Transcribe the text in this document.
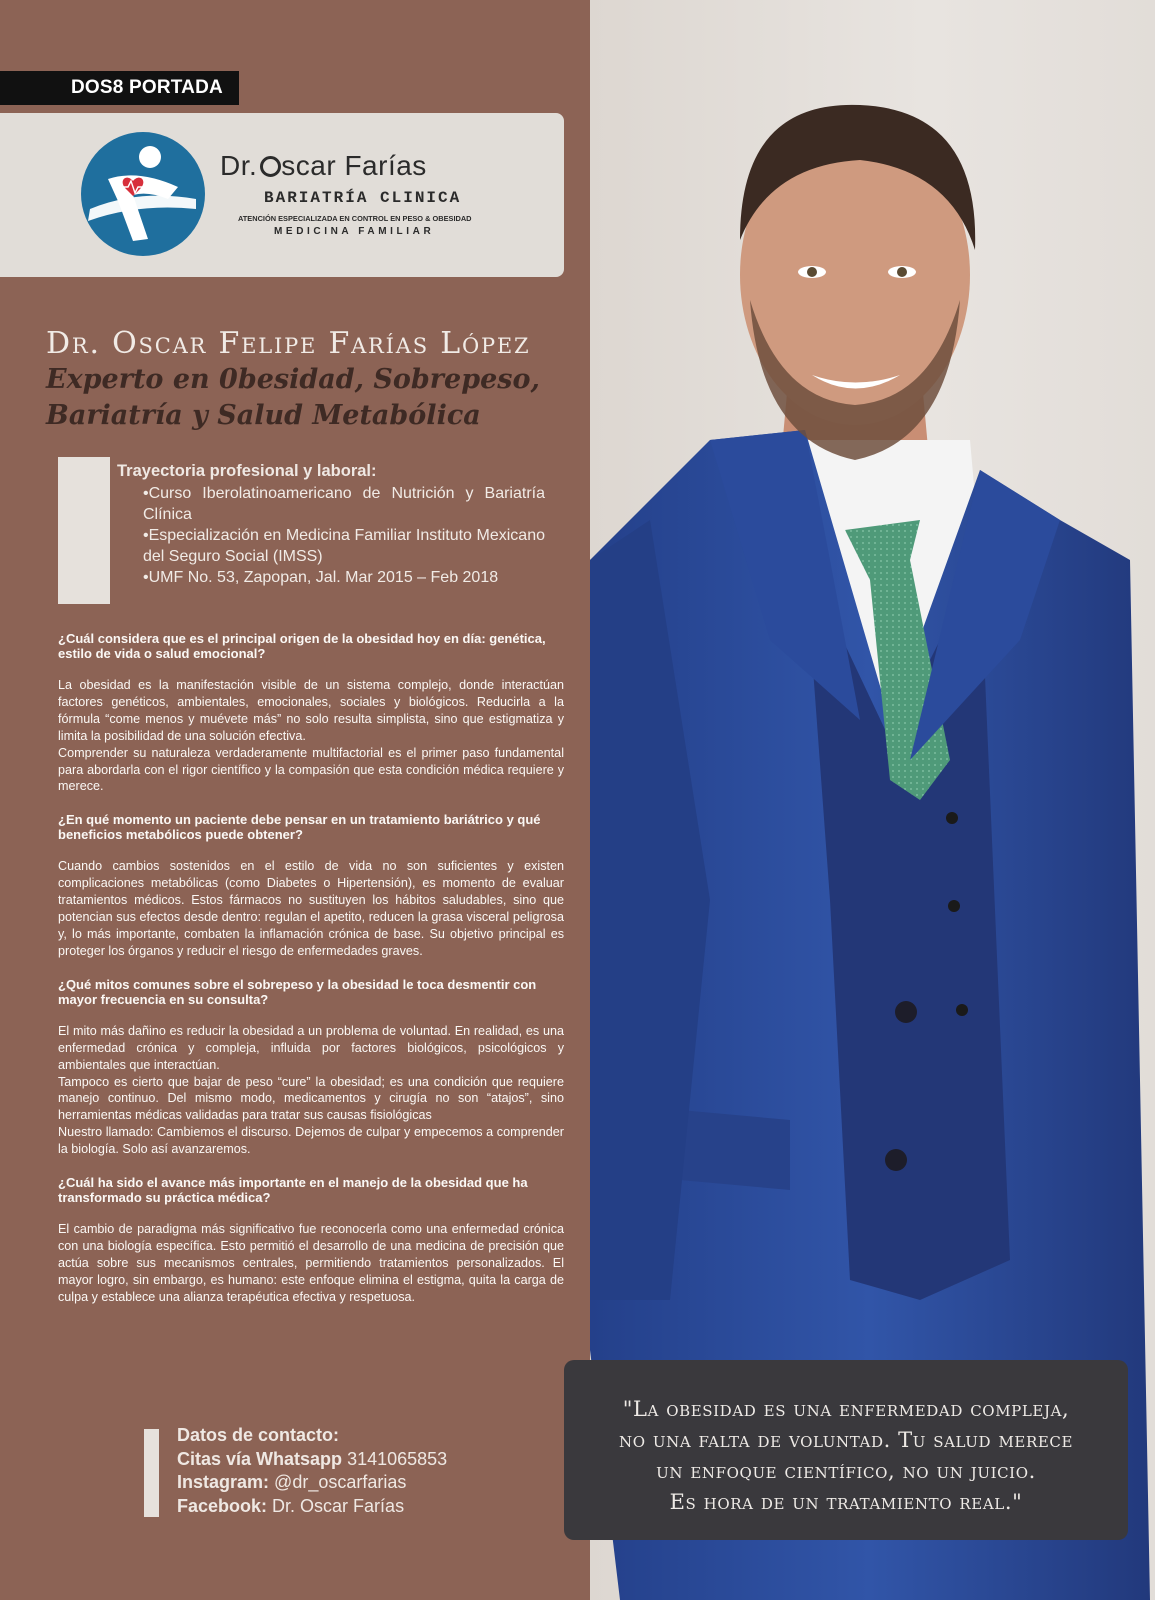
DOS8 PORTADA
Dr. scar Farías
BARIATRÍA CLINICA
ATENCIÓN ESPECIALIZADA EN CONTROL EN PESO & OBESIDAD
MEDICINA FAMILIAR
Dr. Oscar Felipe Farías López
Experto en 0besidad, Sobrepeso,
Bariatría y Salud Metabólica
Trayectoria profesional y laboral:
•Curso Iberolatinoamericano de Nutrición y Bariatría Clínica
•Especialización en Medicina Familiar Instituto Mexicano del Seguro Social (IMSS)
•UMF No. 53, Zapopan, Jal. Mar 2015 – Feb 2018
¿Cuál considera que es el principal origen de la obesidad hoy en día: genética, estilo de vida o salud emocional?
La obesidad es la manifestación visible de un sistema complejo, donde interactúan factores genéticos, ambientales, emocionales, sociales y biológicos. Reducirla a la fórmula “come menos y muévete más” no solo resulta simplista, sino que estigmatiza y limita la posibilidad de una solución efectiva.
Comprender su naturaleza verdaderamente multifactorial es el primer paso fundamental para abordarla con el rigor científico y la compasión que esta condición médica requiere y merece.
¿En qué momento un paciente debe pensar en un tratamiento bariátrico y qué beneficios metabólicos puede obtener?
Cuando cambios sostenidos en el estilo de vida no son suficientes y existen complicaciones metabólicas (como Diabetes o Hipertensión), es momento de evaluar tratamientos médicos. Estos fármacos no sustituyen los hábitos saludables, sino que potencian sus efectos desde dentro: regulan el apetito, reducen la grasa visceral peligrosa y, lo más importante, combaten la inflamación crónica de base. Su objetivo principal es proteger los órganos y reducir el riesgo de enfermedades graves.
¿Qué mitos comunes sobre el sobrepeso y la obesidad le toca desmentir con mayor frecuencia en su consulta?
El mito más dañino es reducir la obesidad a un problema de voluntad. En realidad, es una enfermedad crónica y compleja, influida por factores biológicos, psicológicos y ambientales que interactúan.
Tampoco es cierto que bajar de peso “cure” la obesidad; es una condición que requiere manejo continuo. Del mismo modo, medicamentos y cirugía no son “atajos”, sino herramientas médicas validadas para tratar sus causas fisiológicas
Nuestro llamado: Cambiemos el discurso. Dejemos de culpar y empecemos a comprender la biología. Solo así avanzaremos.
¿Cuál ha sido el avance más importante en el manejo de la obesidad que ha transformado su práctica médica?
El cambio de paradigma más significativo fue reconocerla como una enfermedad crónica con una biología específica. Esto permitió el desarrollo de una medicina de precisión que actúa sobre sus mecanismos centrales, permitiendo tratamientos personalizados. El mayor logro, sin embargo, es humano: este enfoque elimina el estigma, quita la carga de culpa y establece una alianza terapéutica efectiva y respetuosa.
Datos de contacto:
Citas vía Whatsapp 3141065853
Instagram: @dr_oscarfarias
Facebook: Dr. Oscar Farías
"La obesidad es una enfermedad compleja,
no una falta de voluntad. Tu salud merece
un enfoque científico, no un juicio.
Es hora de un tratamiento real."
